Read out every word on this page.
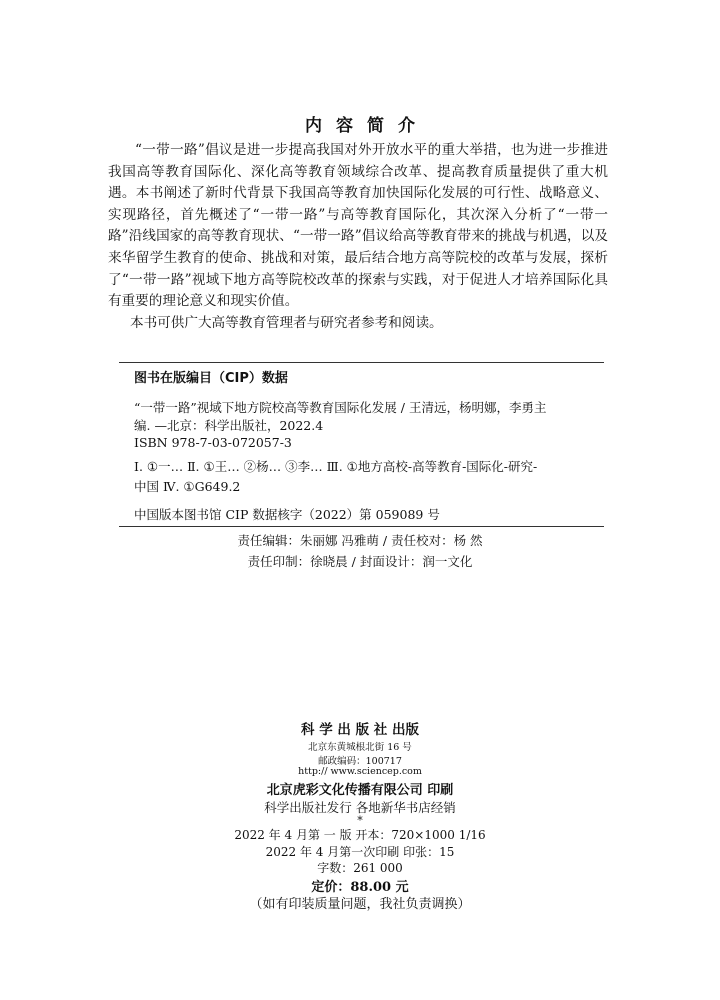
内容简介

“一带一路”倡议是进一步提高我国对外开放水平的重大举措，也为进一步推进我国高等教育国际化、深化高等教育领域综合改革、提高教育质量提供了重大机遇。本书阐述了新时代背景下我国高等教育加快国际化发展的可行性、战略意义、实现路径，首先概述了“一带一路”与高等教育国际化，其次深入分析了“一带一路”沿线国家的高等教育现状、“一带一路”倡议给高等教育带来的挑战与机遇，以及来华留学生教育的使命、挑战和对策，最后结合地方高等院校的改革与发展，探析了“一带一路”视域下地方高等院校改革的探索与实践，对于促进人才培养国际化具有重要的理论意义和现实价值。

本书可供广大高等教育管理者与研究者参考和阅读。

图书在版编目（CIP）数据
“一带一路”视域下地方院校高等教育国际化发展 / 王清远，杨明娜，李勇主
编. —北京：科学出版社，2022.4
ISBN 978-7-03-072057-3
Ⅰ. ①一… Ⅱ. ①王… ②杨… ③李… Ⅲ. ①地方高校-高等教育-国际化-研究-
中国 Ⅳ. ①G649.2
中国版本图书馆 CIP 数据核字（2022）第 059089 号
责任编辑：朱丽娜 冯雅萌 / 责任校对：杨 然
责任印制：徐晓晨 / 封面设计：润一文化
科 学 出 版 社 出版
北京东黄城根北街 16 号
邮政编码：100717
http:// www.sciencep.com
北京虎彩文化传播有限公司 印刷
科学出版社发行 各地新华书店经销
*
2022 年 4 月第 一 版 开本：720×1000 1/16
2022 年 4 月第一次印刷 印张：15
字数：261 000
定价：88.00 元
（如有印装质量问题，我社负责调换）
